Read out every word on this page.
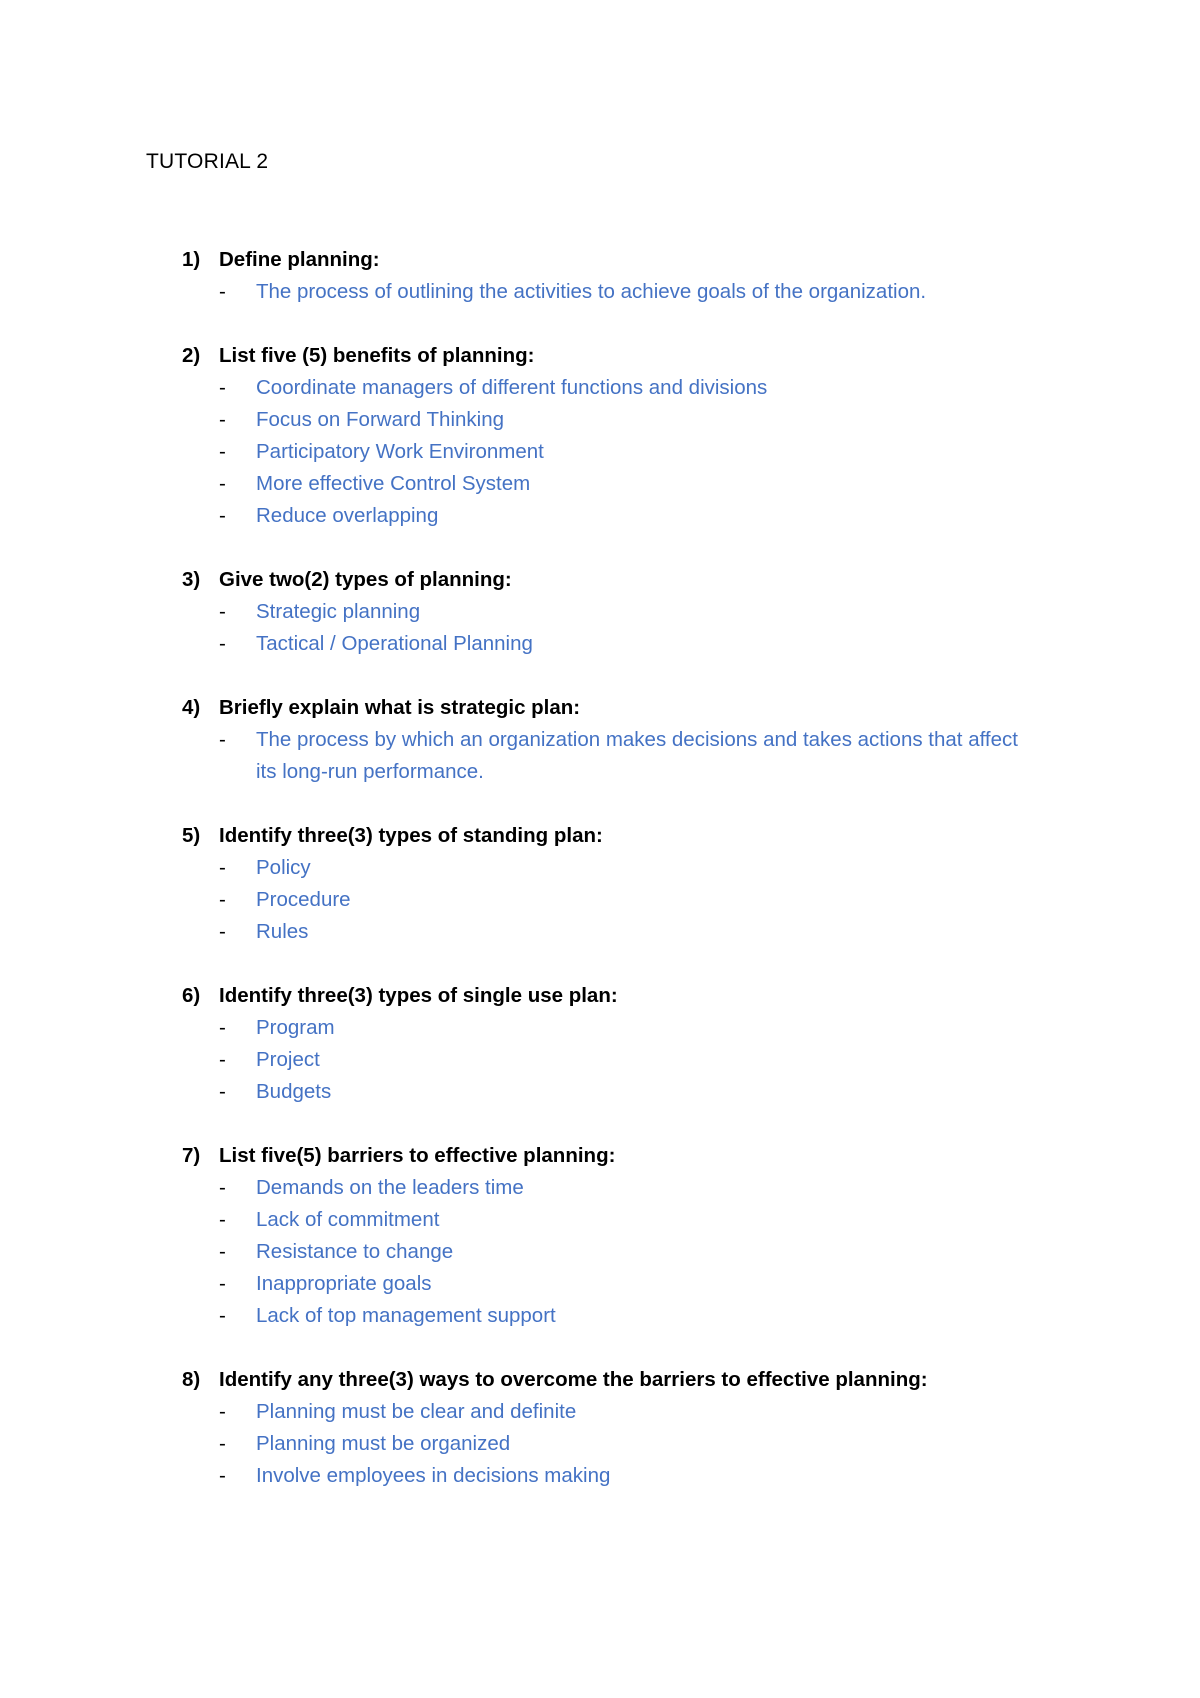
TUTORIAL 2
1) Define planning:
- The process of outlining the activities to achieve goals of the organization.
2) List five (5) benefits of planning:
- Coordinate managers of different functions and divisions
- Focus on Forward Thinking
- Participatory Work Environment
- More effective Control System
- Reduce overlapping
3) Give two(2) types of planning:
- Strategic planning
- Tactical / Operational Planning
4) Briefly explain what is strategic plan:
- The process by which an organization makes decisions and takes actions that affect its long-run performance.
5) Identify three(3) types of standing plan:
- Policy
- Procedure
- Rules
6) Identify three(3) types of single use plan:
- Program
- Project
- Budgets
7) List five(5) barriers to effective planning:
- Demands on the leaders time
- Lack of commitment
- Resistance to change
- Inappropriate goals
- Lack of top management support
8) Identify any three(3) ways to overcome the barriers to effective planning:
- Planning must be clear and definite
- Planning must be organized
- Involve employees in decisions making
